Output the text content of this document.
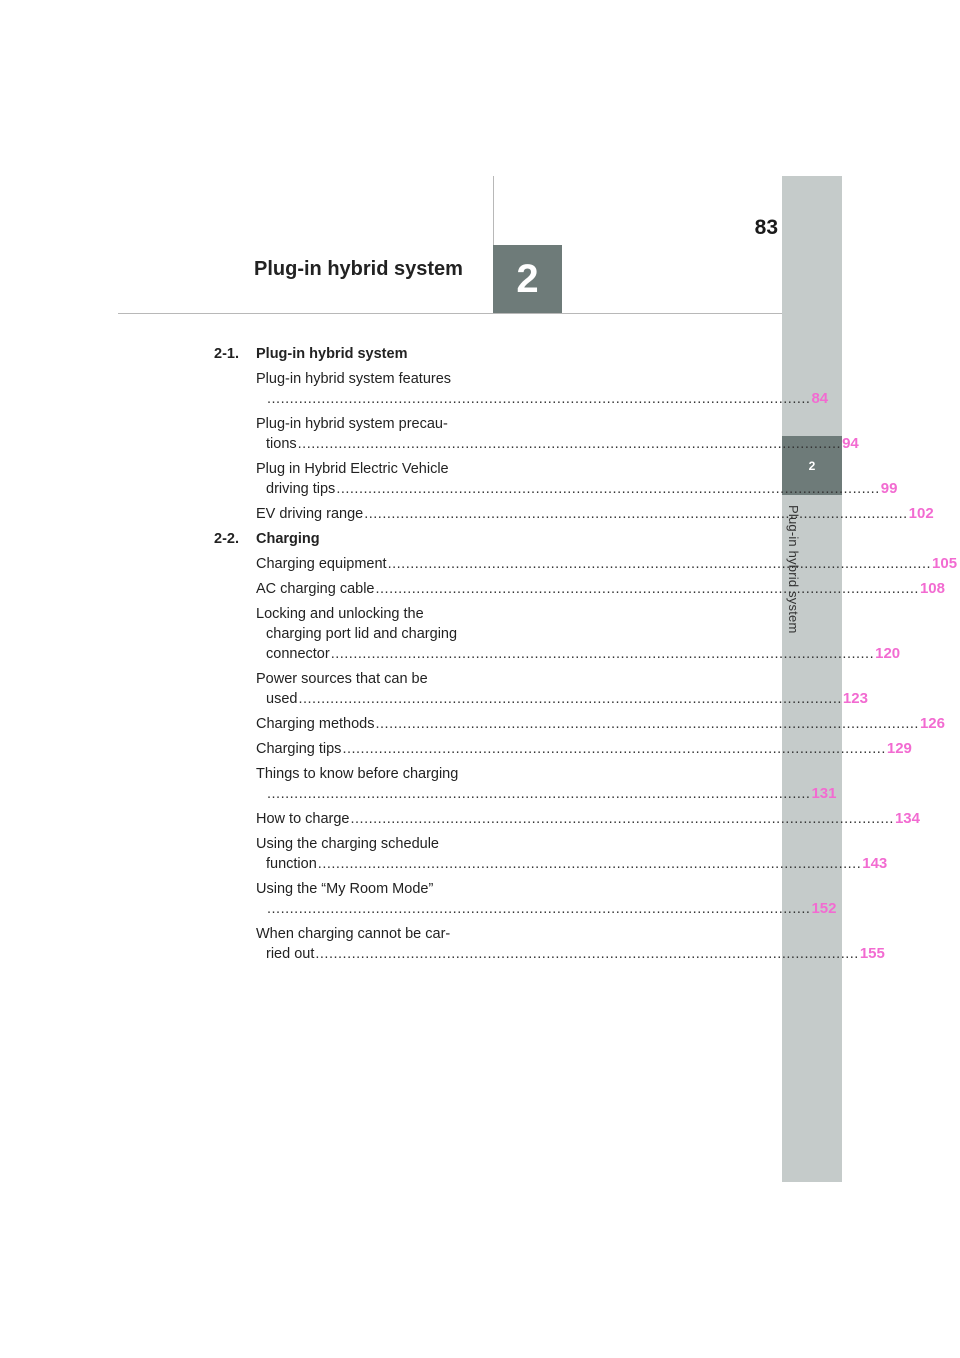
83
Plug-in hybrid system 2
2
Plug-in hybrid system
2-1.	Plug-in hybrid system
Plug-in hybrid system features
........................................................................................................................ 84
Plug-in hybrid system precau-
tions ........................................................................................................................ 94
Plug in Hybrid Electric Vehicle
driving tips ........................................................................................................................ 99
EV driving range ........................................................................................................................ 102
2-2.	Charging
Charging equipment ........................................................................................................................ 105
AC charging cable ........................................................................................................................ 108
Locking and unlocking the
charging port lid and charging
connector ........................................................................................................................ 120
Power sources that can be
used ........................................................................................................................ 123
Charging methods ........................................................................................................................ 126
Charging tips ........................................................................................................................ 129
Things to know before charging
........................................................................................................................ 131
How to charge ........................................................................................................................ 134
Using the charging schedule
function ........................................................................................................................ 143
Using the “My Room Mode”
........................................................................................................................ 152
When charging cannot be car-
ried out ........................................................................................................................ 155
